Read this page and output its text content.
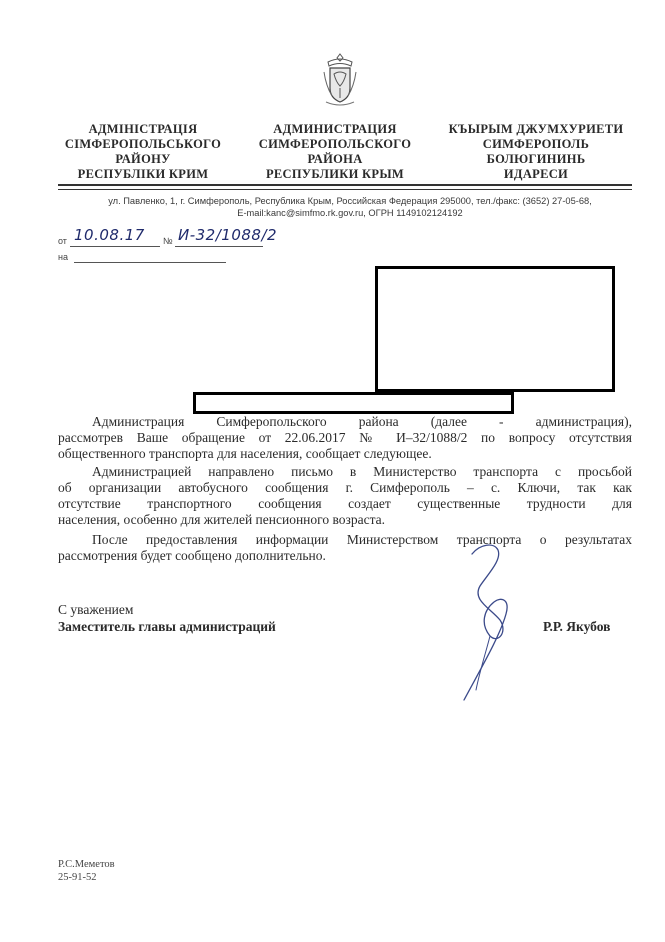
АДМІНІСТРАЦІЯ
СІМФЕРОПОЛЬСЬКОГО
РАЙОНУ
РЕСПУБЛІКИ КРИМ
АДМИНИСТРАЦИЯ
СИМФЕРОПОЛЬСКОГО
РАЙОНА
РЕСПУБЛИКИ КРЫМ
КЪЫРЫМ ДЖУМХУРИЕТИ
СИМФЕРОПОЛЬ
БОЛЮГИНИНЬ
ИДАРЕСИ
ул. Павленко, 1, г. Симферополь, Республика Крым, Российская Федерация 295000, тел./факс: (3652) 27-05-68,
E-mail:kanc@simfmo.rk.gov.ru, ОГРН 1149102124192
от 10.08.17 № И-32/1088/2
на
Администрация Симферопольского района (далее - администрация),
рассмотрев Ваше обращение от 22.06.2017 № И–32/1088/2 по вопросу отсутствия
общественного транспорта для населения, сообщает следующее.
Администрацией направлено письмо в Министерство транспорта с просьбой
об организации автобусного сообщения г. Симферополь – с. Ключи, так как
отсутствие транспортного сообщения создает существенные трудности для
населения, особенно для жителей пенсионного возраста.
После предоставления информации Министерством транспорта о результатах
рассмотрения будет сообщено дополнительно.
С уважением
Заместитель главы администраций	Р.Р. Якубов
Р.С.Меметов
25-91-52
